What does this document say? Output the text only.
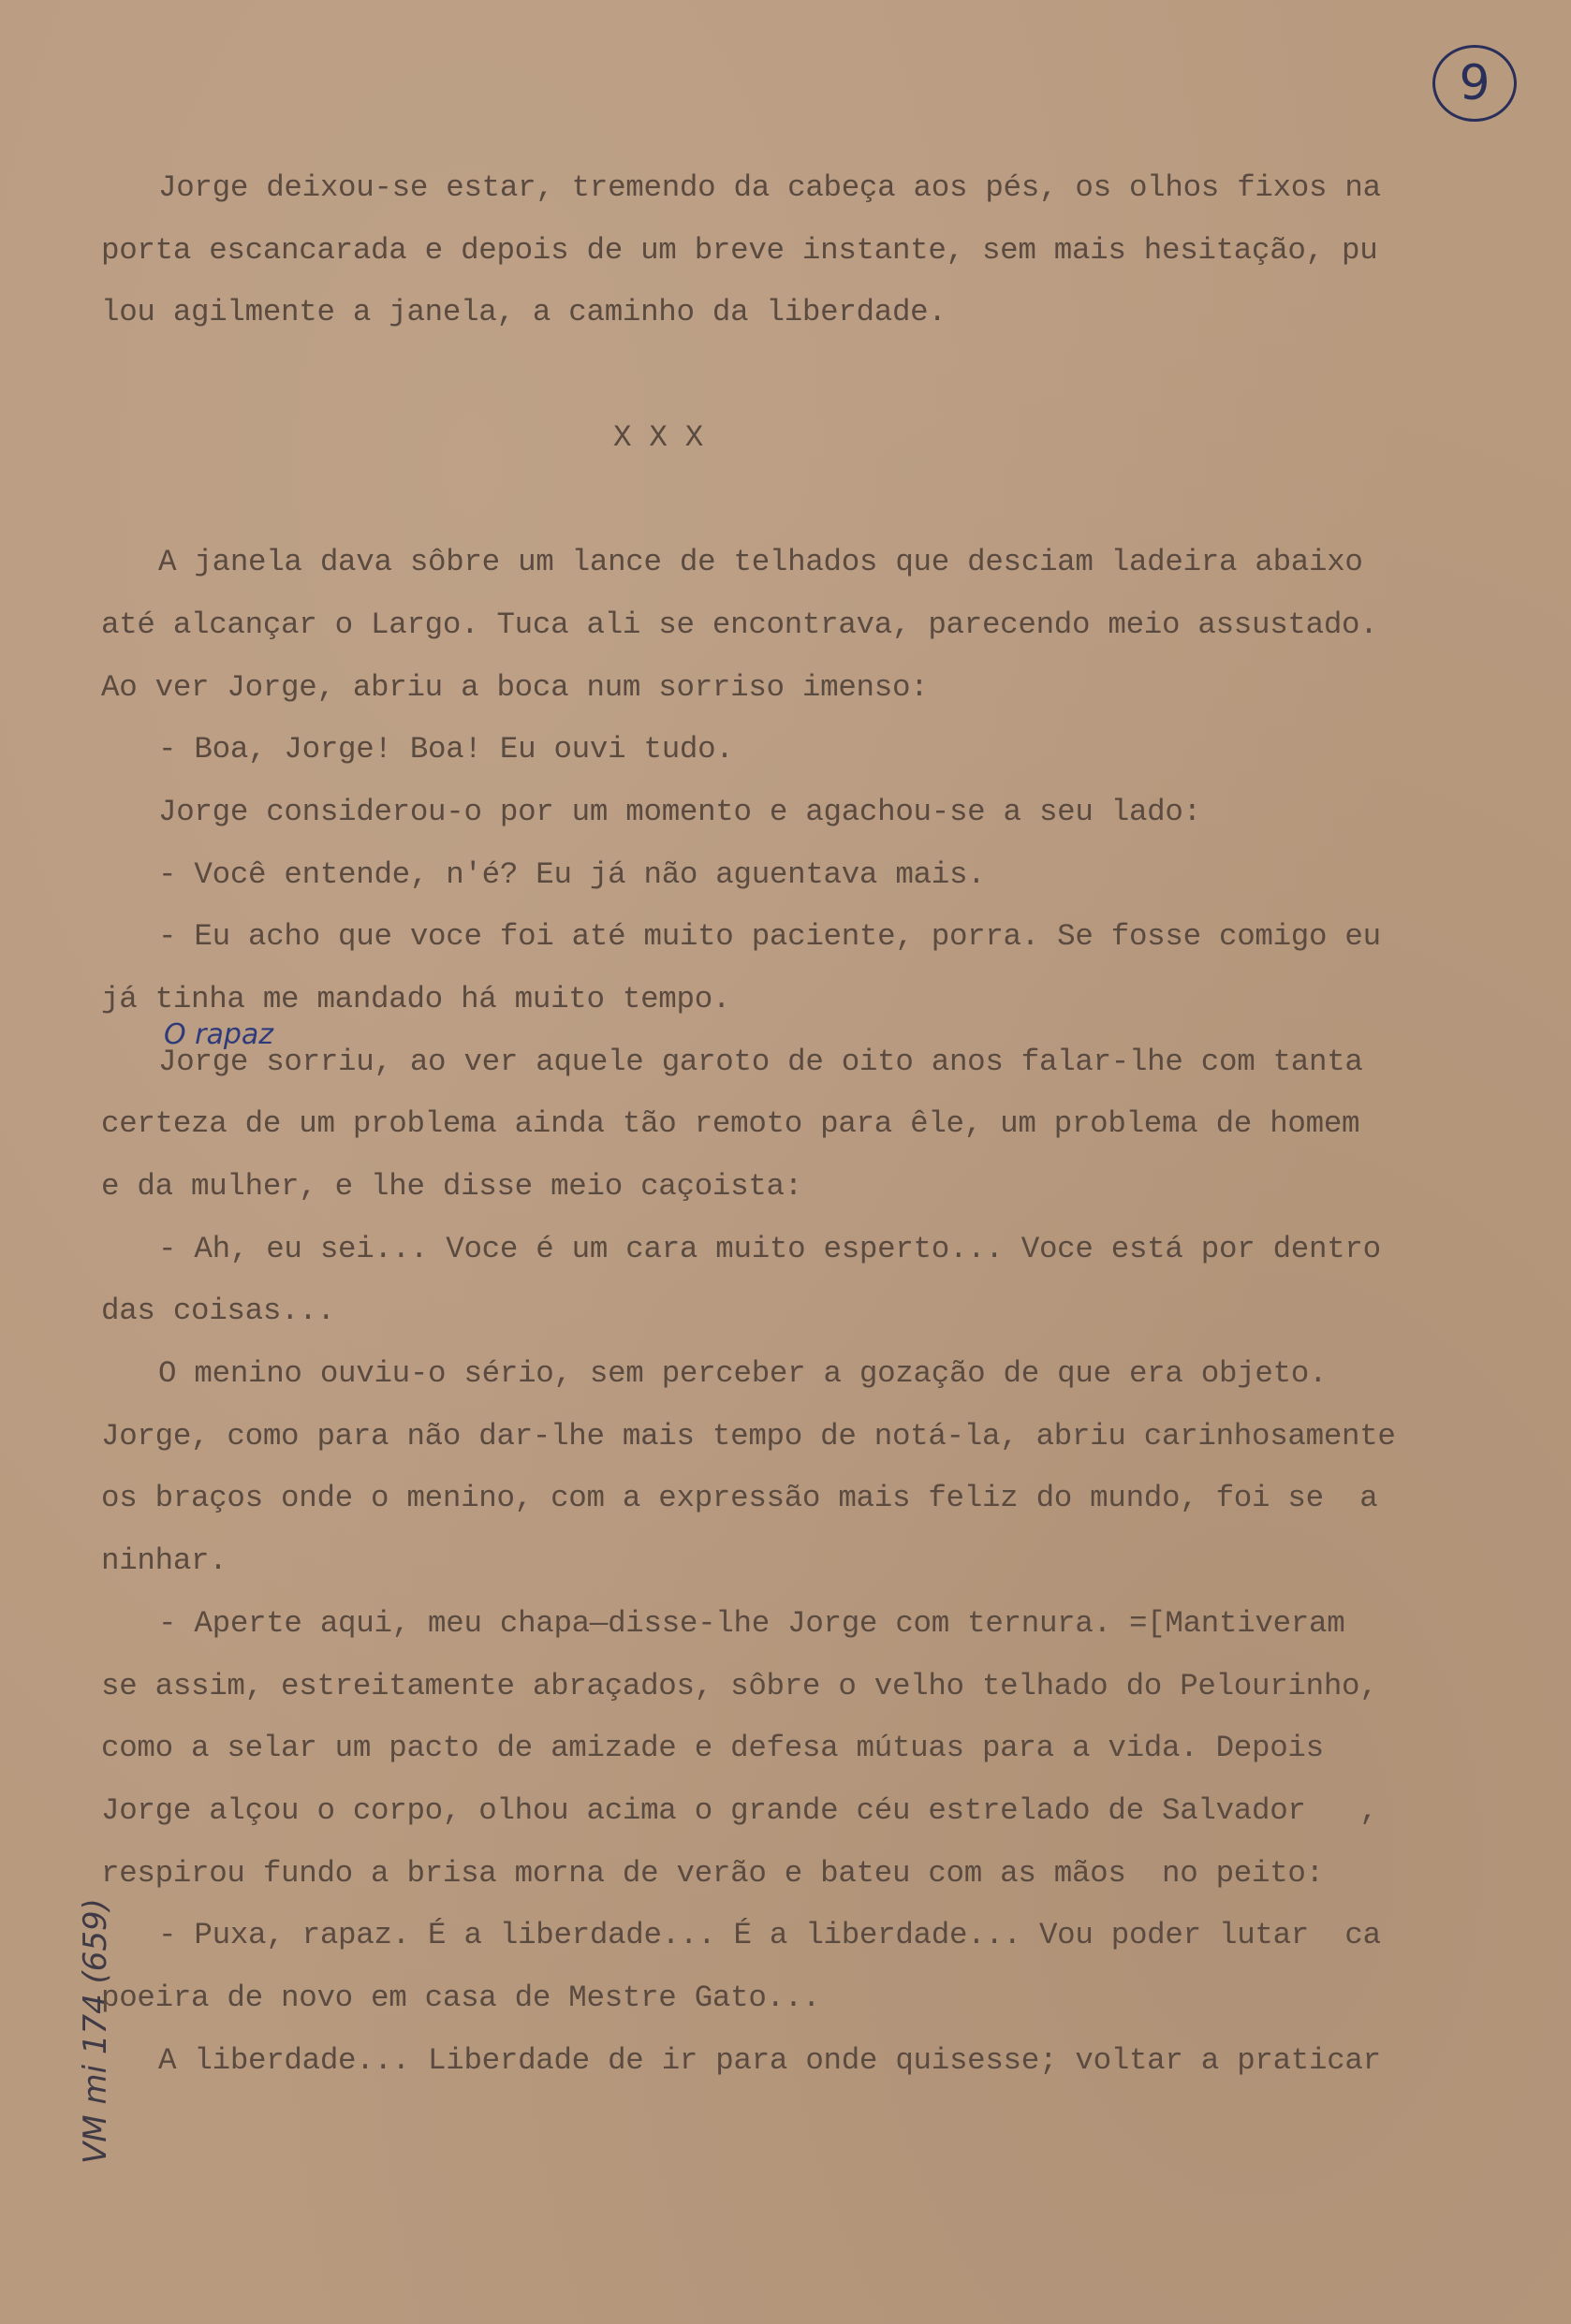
9
O rapaz
VM mi 174 (659)
Jorge deixou-se estar, tremendo da cabeça aos pés, os olhos fixos na
porta escancarada e depois de um breve instante, sem mais hesitação, pu
lou agilmente a janela, a caminho da liberdade.
X X X
A janela dava sôbre um lance de telhados que desciam ladeira abaixo
até alcançar o Largo. Tuca ali se encontrava, parecendo meio assustado.
Ao ver Jorge, abriu a boca num sorriso imenso:
- Boa, Jorge! Boa! Eu ouvi tudo.
Jorge considerou-o por um momento e agachou-se a seu lado:
- Você entende, n'é? Eu já não aguentava mais.
- Eu acho que voce foi até muito paciente, porra. Se fosse comigo eu
já tinha me mandado há muito tempo.
Jorge sorriu, ao ver aquele garoto de oito anos falar-lhe com tanta
certeza de um problema ainda tão remoto para êle, um problema de homem
e da mulher, e lhe disse meio caçoista:
- Ah, eu sei... Voce é um cara muito esperto... Voce está por dentro
das coisas...
O menino ouviu-o sério, sem perceber a gozação de que era objeto.
Jorge, como para não dar-lhe mais tempo de notá-la, abriu carinhosamente
os braços onde o menino, com a expressão mais feliz do mundo, foi se  a
ninhar.
- Aperte aqui, meu chapa—disse-lhe Jorge com ternura. =[Mantiveram
se assim, estreitamente abraçados, sôbre o velho telhado do Pelourinho,
como a selar um pacto de amizade e defesa mútuas para a vida. Depois
Jorge alçou o corpo, olhou acima o grande céu estrelado de Salvador   ,
respirou fundo a brisa morna de verão e bateu com as mãos  no peito:
- Puxa, rapaz. É a liberdade... É a liberdade... Vou poder lutar  ca
poeira de novo em casa de Mestre Gato...
A liberdade... Liberdade de ir para onde quisesse; voltar a praticar
